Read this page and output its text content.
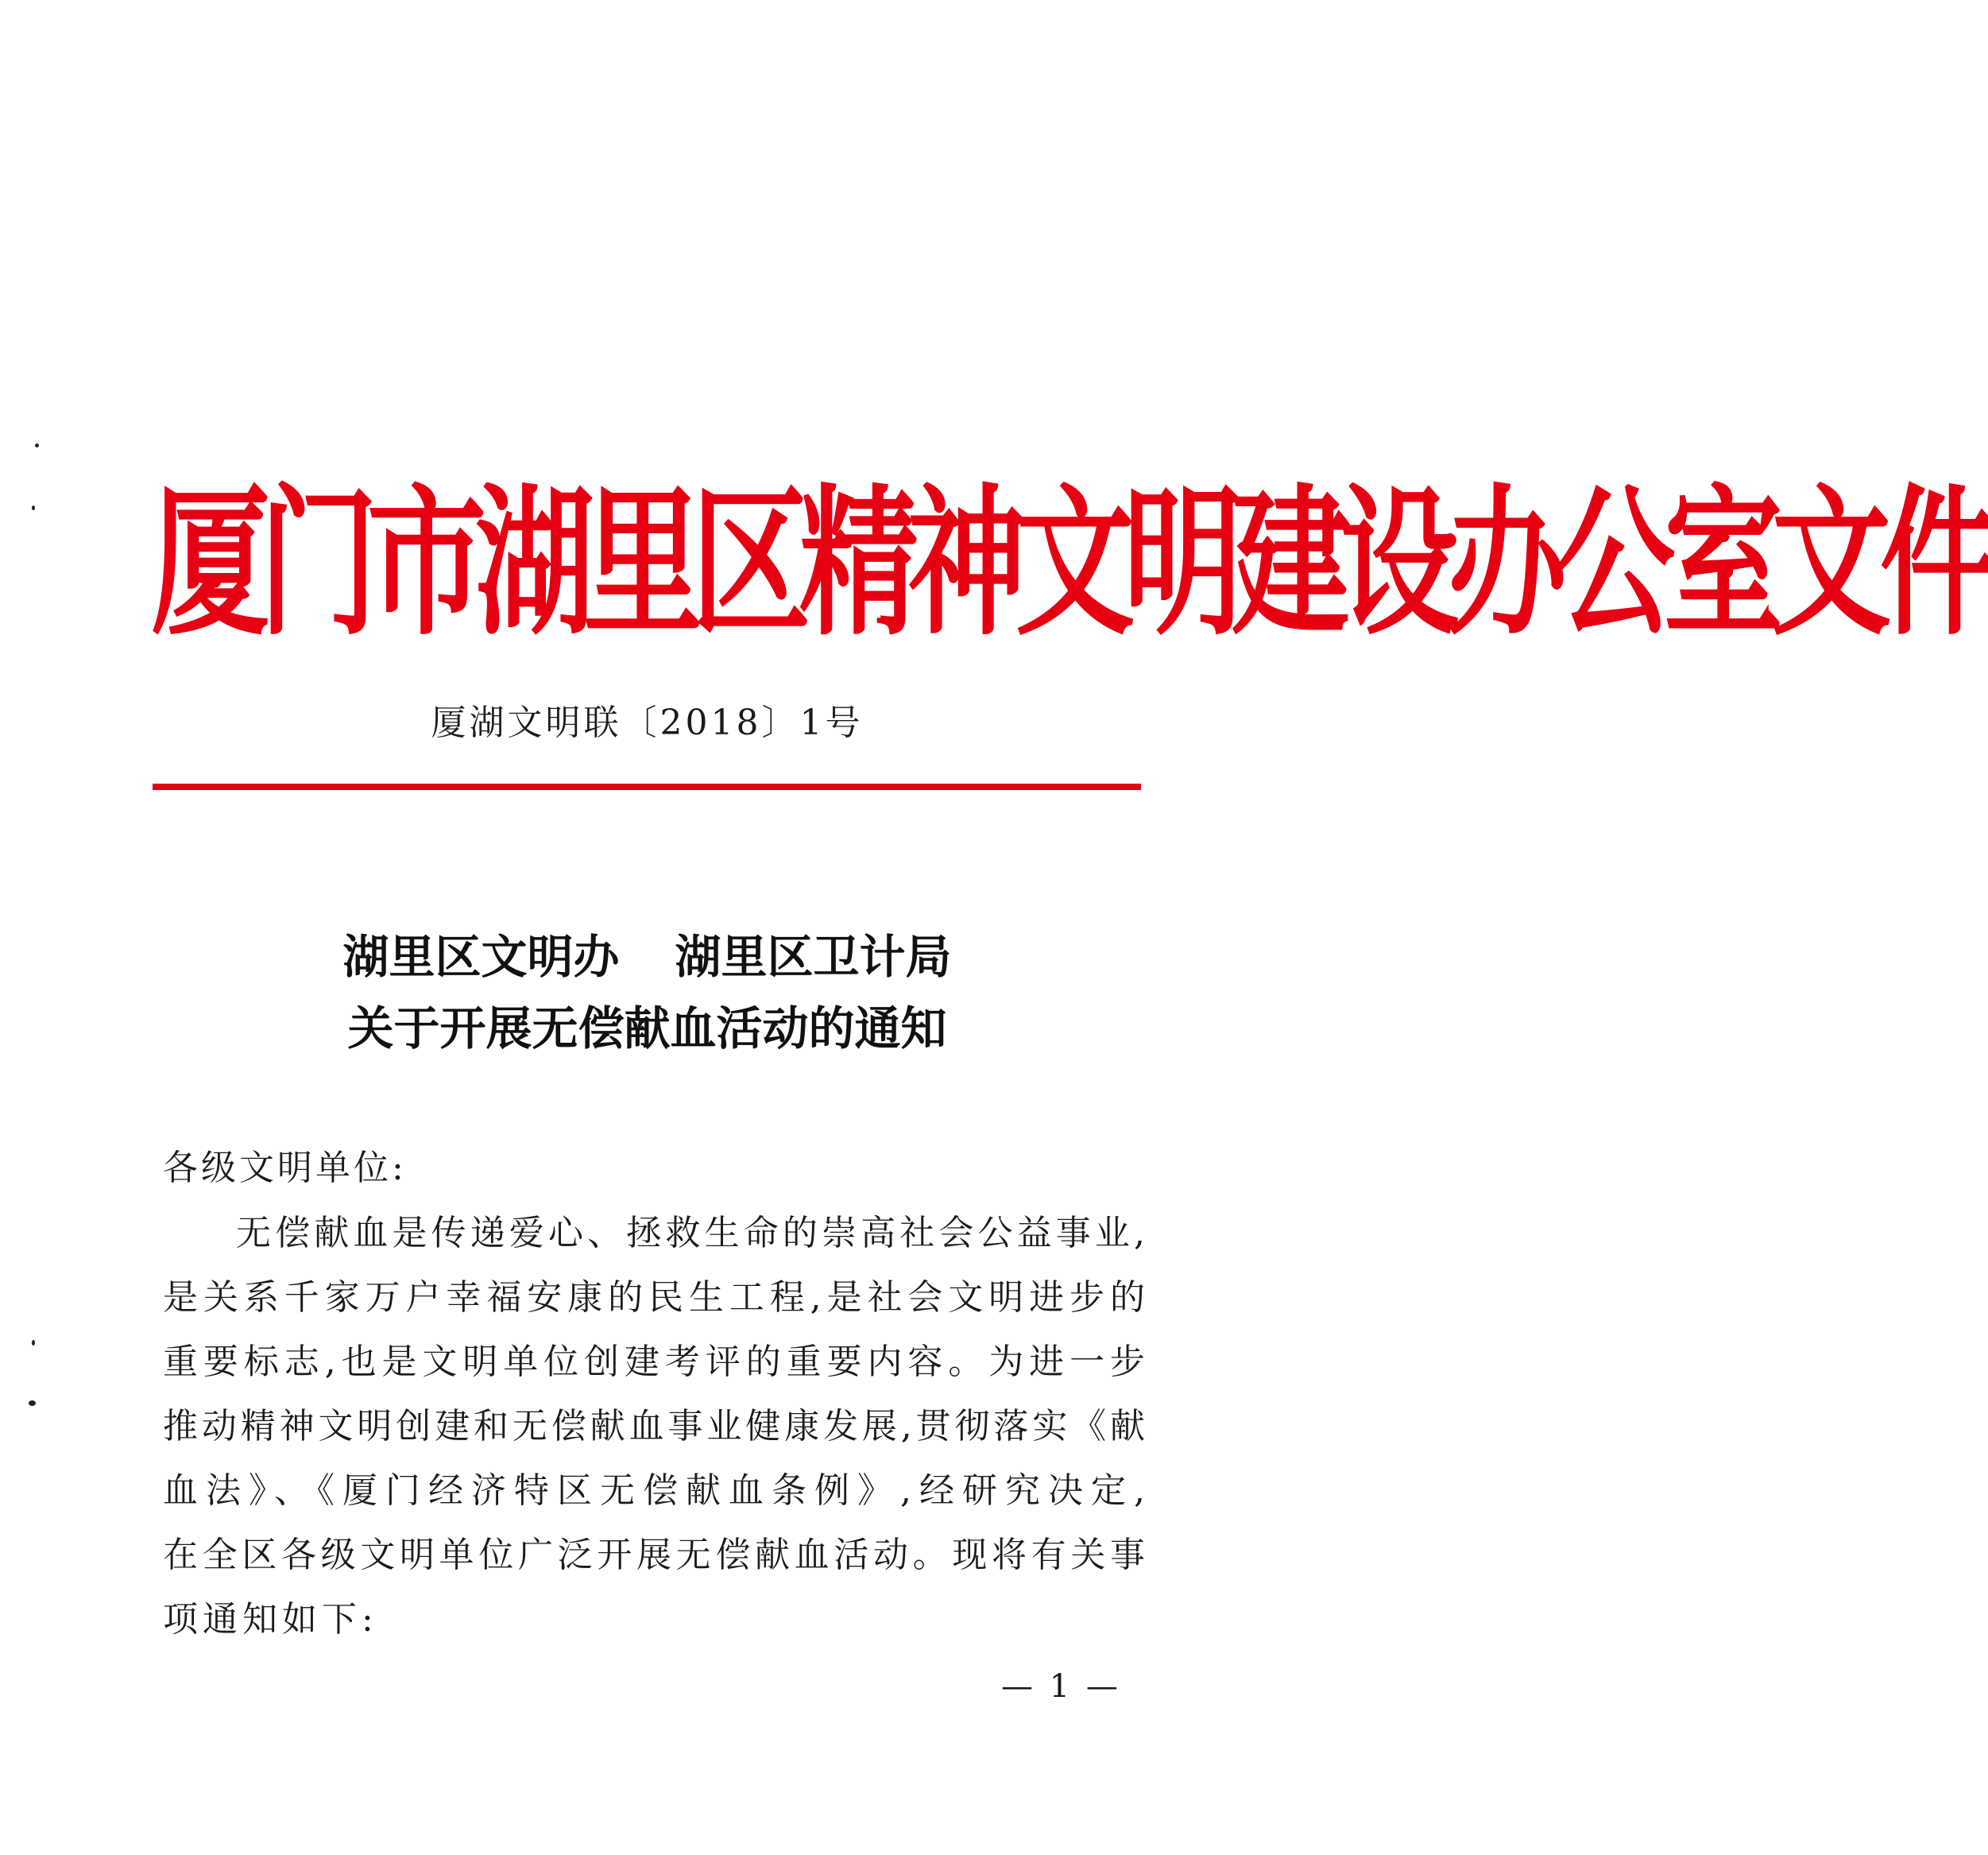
厦门市湖里区精神文明建设办公室文件
厦湖文明联〔2018〕1号
湖里区文明办 湖里区卫计局
关于开展无偿献血活动的通知
各级文明单位:
无偿献血是传递爱心、拯救生命的崇高社会公益事业,
是关系千家万户幸福安康的民生工程,是社会文明进步的
重要标志,也是文明单位创建考评的重要内容。为进一步
推动精神文明创建和无偿献血事业健康发展,贯彻落实《献
血法》、《厦门经济特区无偿献血条例》,经研究决定,
在全区各级文明单位广泛开展无偿献血活动。现将有关事
项通知如下:
— 1 —
